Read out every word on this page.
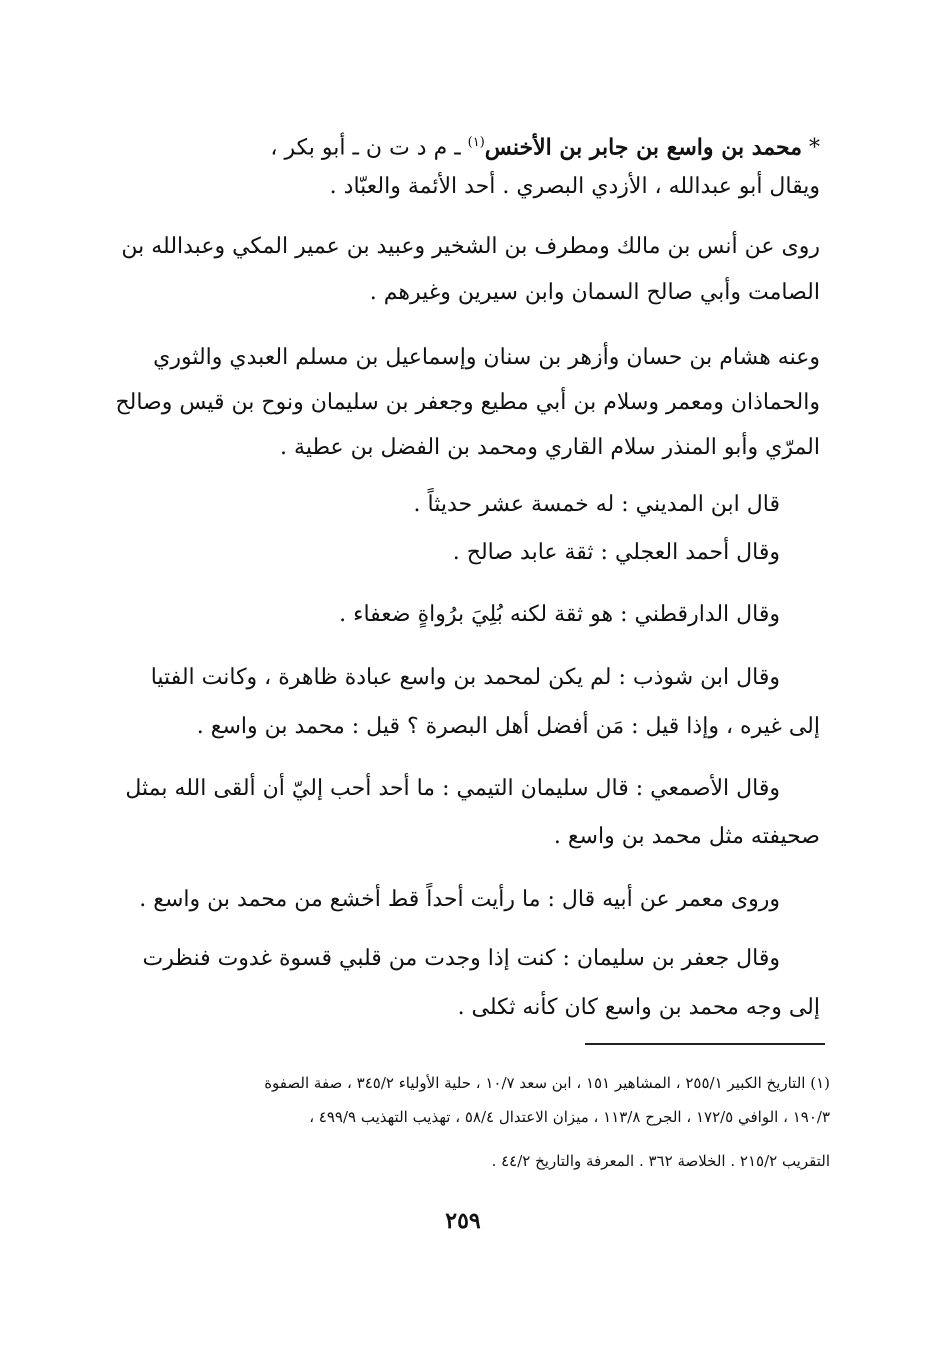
* محمد بن واسع بن جابر بن الأخنس$^{(١)}$ ـ م د ت ن ـ أبو بكر ،
ويقال أبو عبدالله ، الأزدي البصري . أحد الأئمة والعبّاد .
روى عن أنس بن مالك ومطرف بن الشخير وعبيد بن عمير المكي وعبدالله بن
الصامت وأبي صالح السمان وابن سيرين وغيرهم .
وعنه هشام بن حسان وأزهر بن سنان وإسماعيل بن مسلم العبدي والثوري
والحماذان ومعمر وسلام بن أبي مطيع وجعفر بن سليمان ونوح بن قيس وصالح
المرّي وأبو المنذر سلام القاري ومحمد بن الفضل بن عطية .
قال ابن المديني : له خمسة عشر حديثاً .
وقال أحمد العجلي : ثقة عابد صالح .
وقال الدارقطني : هو ثقة لكنه بُلِيَ برُواةٍ ضعفاء .
وقال ابن شوذب : لم يكن لمحمد بن واسع عبادة ظاهرة ، وكانت الفتيا
إلى غيره ، وإذا قيل : مَن أفضل أهل البصرة ؟ قيل : محمد بن واسع .
وقال الأصمعي : قال سليمان التيمي : ما أحد أحب إليّ أن ألقى الله بمثل
صحيفته مثل محمد بن واسع .
وروى معمر عن أبيه قال : ما رأيت أحداً قط أخشع من محمد بن واسع .
وقال جعفر بن سليمان : كنت إذا وجدت من قلبي قسوة غدوت فنظرت
إلى وجه محمد بن واسع كان كأنه ثكلى .
(١) التاريخ الكبير ٢٥٥/١ ، المشاهير ١٥١ ، ابن سعد ١٠/٧ ، حلية الأولياء ٣٤٥/٢ ، صفة الصفوة
١٩٠/٣ ، الوافي ١٧٢/٥ ، الجرح ١١٣/٨ ، ميزان الاعتدال ٥٨/٤ ، تهذيب التهذيب ٤٩٩/٩ ،
التقريب ٢١٥/٢ . الخلاصة ٣٦٢ . المعرفة والتاريخ ٤٤/٢ .
٢٥٩
